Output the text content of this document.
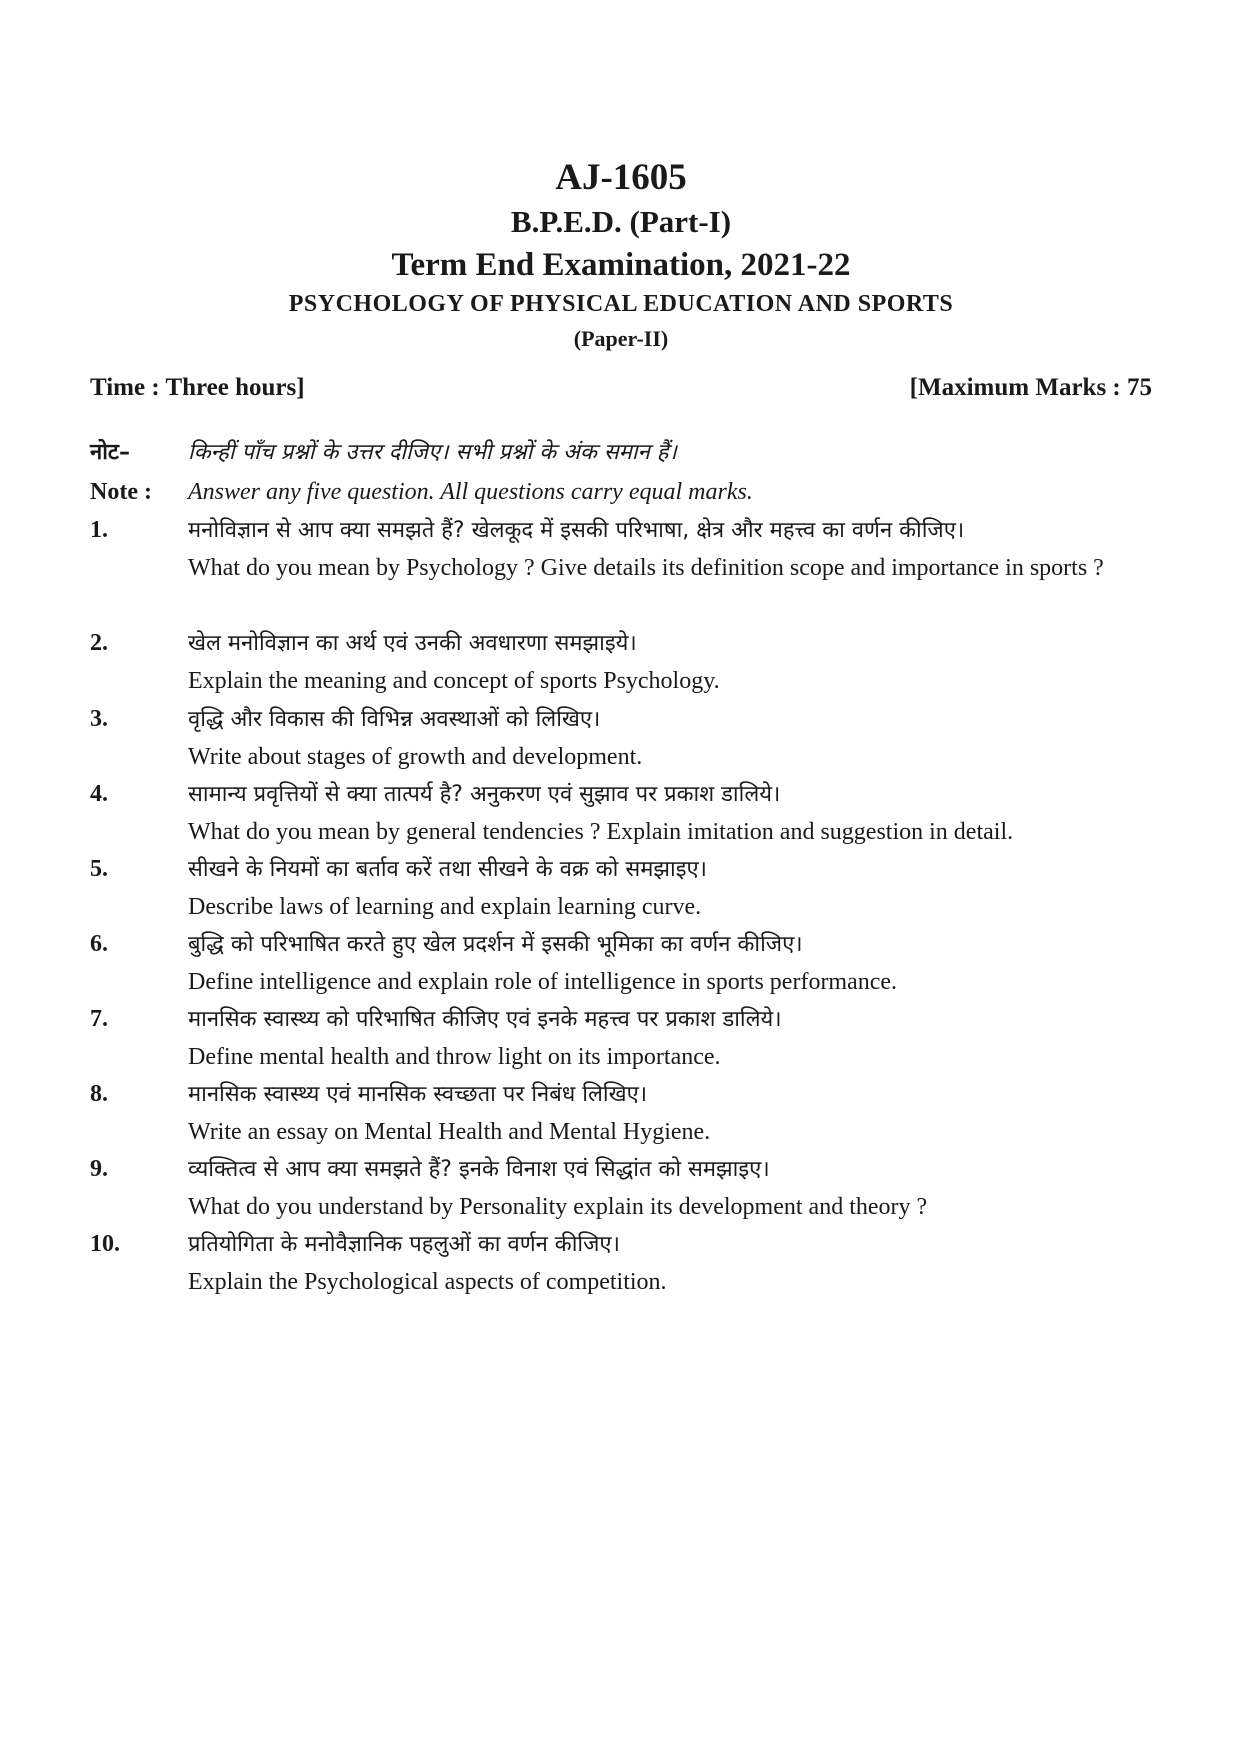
AJ-1605
B.P.E.D. (Part-I)
Term End Examination, 2021-22
PSYCHOLOGY OF PHYSICAL EDUCATION AND SPORTS
(Paper-II)
Time : Three hours]	[Maximum Marks : 75
नोट–	किन्हीं पाँच प्रश्नों के उत्तर दीजिए। सभी प्रश्नों के अंक समान हैं।
Note : Answer any five question. All questions carry equal marks.
1.	मनोविज्ञान से आप क्या समझते हैं? खेलकूद में इसकी परिभाषा, क्षेत्र और महत्त्व का वर्णन कीजिए।
What do you mean by Psychology ? Give details its definition scope and importance in sports ?
2.	खेल मनोविज्ञान का अर्थ एवं उनकी अवधारणा समझाइये।
Explain the meaning and concept of sports Psychology.
3.	वृद्धि और विकास की विभिन्न अवस्थाओं को लिखिए।
Write about stages of growth and development.
4.	सामान्य प्रवृत्तियों से क्या तात्पर्य है? अनुकरण एवं सुझाव पर प्रकाश डालिये।
What do you mean by general tendencies ? Explain imitation and suggestion in detail.
5.	सीखने के नियमों का बर्ताव करें तथा सीखने के वक्र को समझाइए।
Describe laws of learning and explain learning curve.
6.	बुद्धि को परिभाषित करते हुए खेल प्रदर्शन में इसकी भूमिका का वर्णन कीजिए।
Define intelligence and explain role of intelligence in sports performance.
7.	मानसिक स्वास्थ्य को परिभाषित कीजिए एवं इनके महत्त्व पर प्रकाश डालिये।
Define mental health and throw light on its importance.
8.	मानसिक स्वास्थ्य एवं मानसिक स्वच्छता पर निबंध लिखिए।
Write an essay on Mental Health and Mental Hygiene.
9.	व्यक्तित्व से आप क्या समझते हैं? इनके विनाश एवं सिद्धांत को समझाइए।
What do you understand by Personality explain its development and theory ?
10.	प्रतियोगिता के मनोवैज्ञानिक पहलुओं का वर्णन कीजिए।
Explain the Psychological aspects of competition.
